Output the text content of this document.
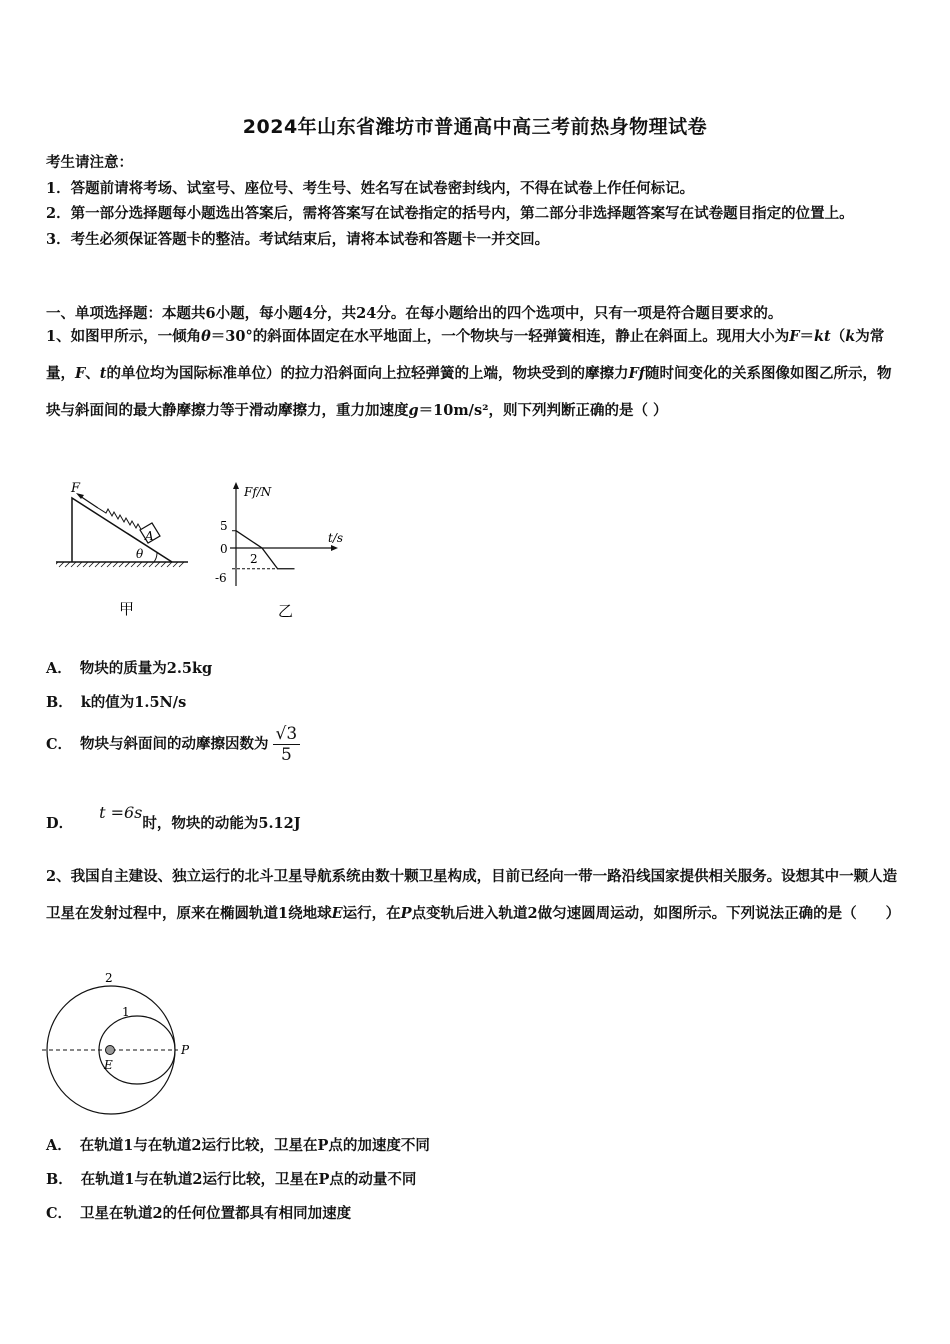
2024年山东省潍坊市普通高中高三考前热身物理试卷
考生请注意：
1．答题前请将考场、试室号、座位号、考生号、姓名写在试卷密封线内，不得在试卷上作任何标记。
2．第一部分选择题每小题选出答案后，需将答案写在试卷指定的括号内，第二部分非选择题答案写在试卷题目指定的位置上。
3．考生必须保证答题卡的整洁。考试结束后，请将本试卷和答题卡一并交回。
一、单项选择题：本题共6小题，每小题4分，共24分。在每小题给出的四个选项中，只有一项是符合题目要求的。
1、如图甲所示，一倾角θ＝30°的斜面体固定在水平地面上，一个物块与一轻弹簧相连，静止在斜面上。现用大小为F＝kt（k为常量，F、t的单位均为国际标准单位）的拉力沿斜面向上拉轻弹簧的上端，物块受到的摩擦力Ff随时间变化的关系图像如图乙所示，物块与斜面间的最大静摩擦力等于滑动摩擦力，重力加速度g＝10m/s²，则下列判断正确的是（ ）
F
A
θ
甲
Ff/N
t/s
5
0
-6
2
乙
A． 物块的质量为2.5kg
B． k的值为1.5N/s
C． 物块与斜面间的动摩擦因数为 $\frac{√3}{5}$
D．t =6s时，物块的动能为5.12J
2、我国自主建设、独立运行的北斗卫星导航系统由数十颗卫星构成，目前已经向一带一路沿线国家提供相关服务。设想其中一颗人造卫星在发射过程中，原来在椭圆轨道1绕地球E运行，在P点变轨后进入轨道2做匀速圆周运动，如图所示。下列说法正确的是（　　）
2
1
E
P
A． 在轨道1与在轨道2运行比较，卫星在P点的加速度不同
B． 在轨道1与在轨道2运行比较，卫星在P点的动量不同
C． 卫星在轨道2的任何位置都具有相同加速度
